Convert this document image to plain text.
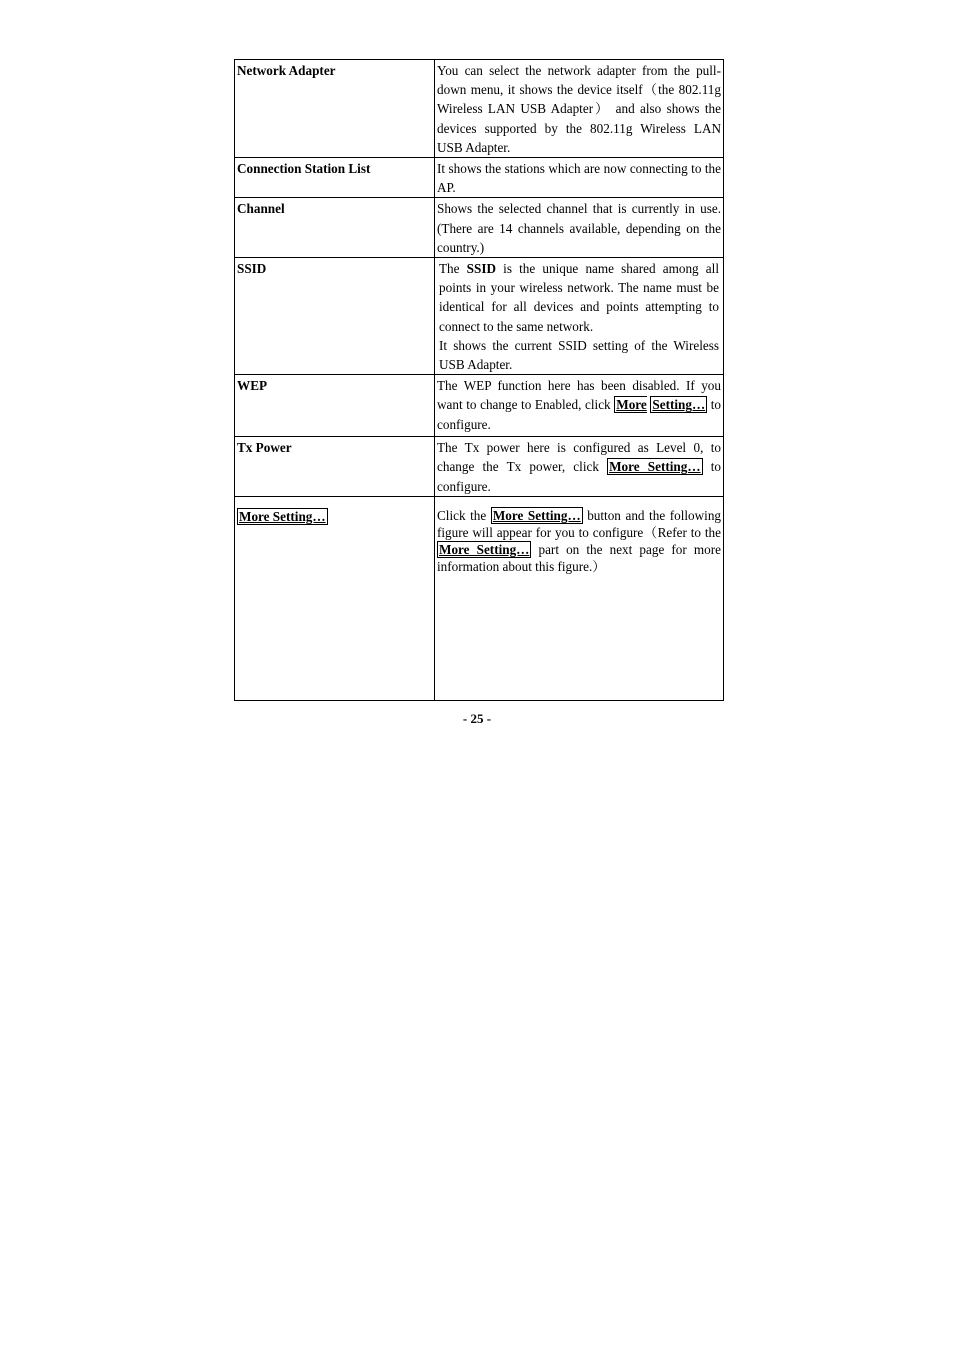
Network Adapter	You can select the network adapter from the pull-down menu, it shows the device itself（the 802.11g Wireless LAN USB Adapter） and also shows the devices supported by the 802.11g Wireless LAN USB Adapter.
Connection Station List	It shows the stations which are now connecting to the AP.
Channel	Shows the selected channel that is currently in use. (There are 14 channels available, depending on the country.)
SSID	The SSID is the unique name shared among all points in your wireless network. The name must be identical for all devices and points attempting to connect to the same network.
It shows the current SSID setting of the Wireless USB Adapter.
WEP	The WEP function here has been disabled. If you want to change to Enabled, click More Setting… to configure.
Tx Power	The Tx power here is configured as Level 0, to change the Tx power, click More Setting… to configure.
More Setting…	Click the More Setting… button and the following figure will appear for you to configure（Refer to the More Setting… part on the next page for more information about this figure.）
- 25 -
